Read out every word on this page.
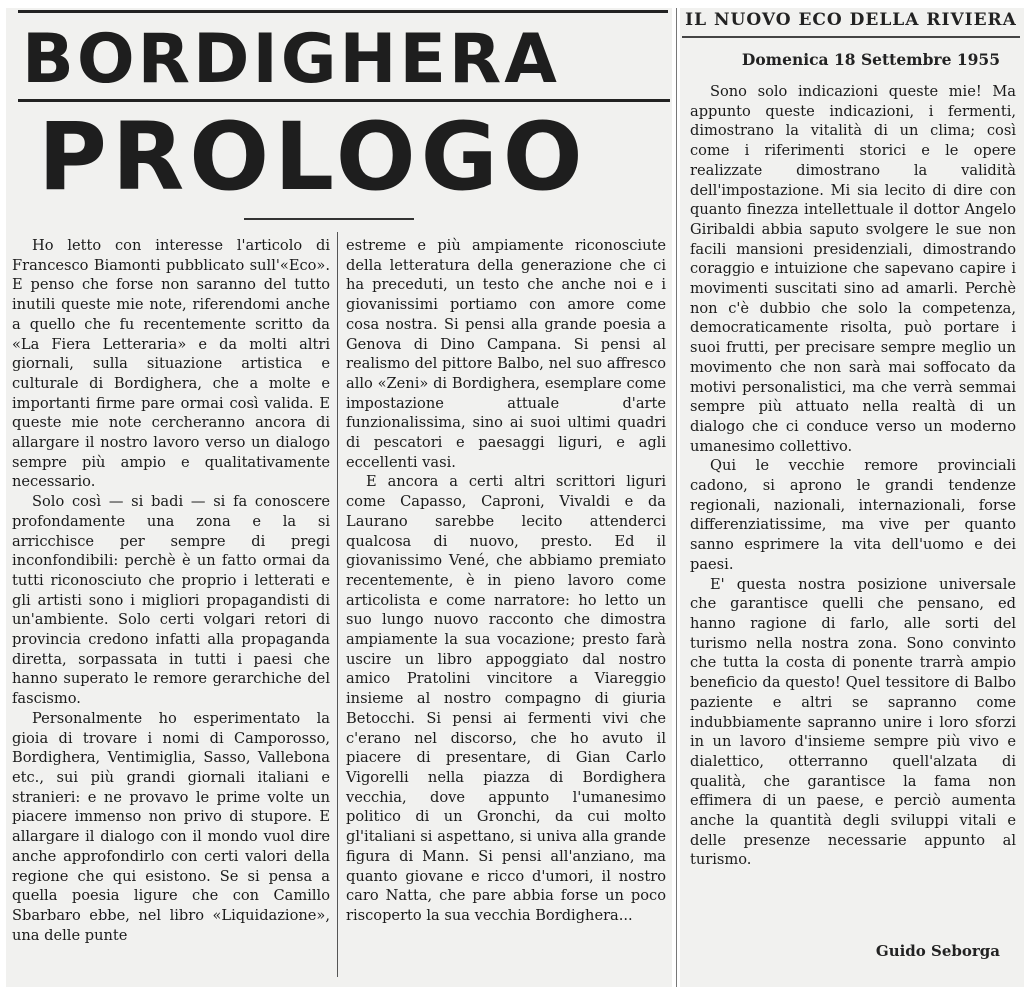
BORDIGHERA
PROLOGO

Ho letto con interesse l'articolo di Francesco Biamonti pubblicato sull'«Eco». E penso che forse non saranno del tutto inutili queste mie note, riferendomi anche a quello che fu recentemente scritto da «La Fiera Letteraria» e da molti altri giornali, sulla situazione artistica e culturale di Bordighera, che a molte e importanti firme pare ormai così valida. E queste mie note cercheranno ancora di allargare il nostro lavoro verso un dialogo sempre più ampio e qualitativamente necessario.

Solo così — si badi — si fa conoscere profondamente una zona e la si arricchisce per sempre di pregi inconfondibili: perchè è un fatto ormai da tutti riconosciuto che proprio i letterati e gli artisti sono i migliori propagandisti di un'ambiente. Solo certi volgari retori di provincia credono infatti alla propaganda diretta, sorpassata in tutti i paesi che hanno superato le remore gerarchiche del fascismo.

Personalmente ho esperimentato la gioia di trovare i nomi di Camporosso, Bordighera, Ventimiglia, Sasso, Vallebona etc., sui più grandi giornali italiani e stranieri: e ne provavo le prime volte un piacere immenso non privo di stupore. E allargare il dialogo con il mondo vuol dire anche approfondirlo con certi valori della regione che qui esistono. Se si pensa a quella poesia ligure che con Camillo Sbarbaro ebbe, nel libro «Liquidazione», una delle punte

estreme e più ampiamente riconosciute della letteratura della generazione che ci ha preceduti, un testo che anche noi e i giovanissimi portiamo con amore come cosa nostra. Si pensi alla grande poesia a Genova di Dino Campana. Si pensi al realismo del pittore Balbo, nel suo affresco allo «Zeni» di Bordighera, esemplare come impostazione attuale d'arte funzionalissima, sino ai suoi ultimi quadri di pescatori e paesaggi liguri, e agli eccellenti vasi.

E ancora a certi altri scrittori liguri come Capasso, Caproni, Vivaldi e da Laurano sarebbe lecito attenderci qualcosa di nuovo, presto. Ed il giovanissimo Vené, che abbiamo premiato recentemente, è in pieno lavoro come articolista e come narratore: ho letto un suo lungo nuovo racconto che dimostra ampiamente la sua vocazione; presto farà uscire un libro appoggiato dal nostro amico Pratolini vincitore a Viareggio insieme al nostro compagno di giuria Betocchi. Si pensi ai fermenti vivi che c'erano nel discorso, che ho avuto il piacere di presentare, di Gian Carlo Vigorelli nella piazza di Bordighera vecchia, dove appunto l'umanesimo politico di un Gronchi, da cui molto gl'italiani si aspettano, si univa alla grande figura di Mann. Si pensi all'anziano, ma quanto giovane e ricco d'umori, il nostro caro Natta, che pare abbia forse un poco riscoperto la sua vecchia Bordighera...

IL NUOVO ECO DELLA RIVIERA
Domenica 18 Settembre 1955

Sono solo indicazioni queste mie! Ma appunto queste indicazioni, i fermenti, dimostrano la vitalità di un clima; così come i riferimenti storici e le opere realizzate dimostrano la validità dell'impostazione. Mi sia lecito di dire con quanto finezza intellettuale il dottor Angelo Giribaldi abbia saputo svolgere le sue non facili mansioni presidenziali, dimostrando coraggio e intuizione che sapevano capire i movimenti suscitati sino ad amarli. Perchè non c'è dubbio che solo la competenza, democraticamente risolta, può portare i suoi frutti, per precisare sempre meglio un movimento che non sarà mai soffocato da motivi personalistici, ma che verrà semmai sempre più attuato nella realtà di un dialogo che ci conduce verso un moderno umanesimo collettivo.

Qui le vecchie remore provinciali cadono, si aprono le grandi tendenze regionali, nazionali, internazionali, forse differenziatissime, ma vive per quanto sanno esprimere la vita dell'uomo e dei paesi.

E' questa nostra posizione universale che garantisce quelli che pensano, ed hanno ragione di farlo, alle sorti del turismo nella nostra zona. Sono convinto che tutta la costa di ponente trarrà ampio beneficio da questo! Quel tessitore di Balbo paziente e altri se sapranno come indubbiamente sapranno unire i loro sforzi in un lavoro d'insieme sempre più vivo e dialettico, otterranno quell'alzata di qualità, che garantisce la fama non effimera di un paese, e perciò aumenta anche la quantità degli sviluppi vitali e delle presenze necessarie appunto al turismo.

Guido Seborga
